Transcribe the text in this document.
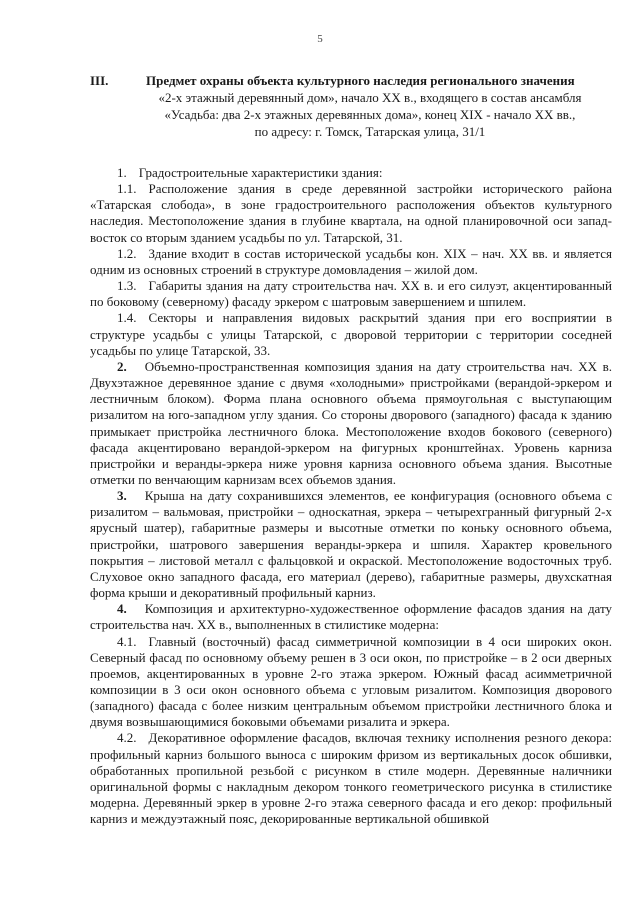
5
III.	Предмет охраны объекта культурного наследия регионального значения
«2-х этажный деревянный дом», начало XX в., входящего в состав ансамбля
«Усадьба: два 2-х этажных деревянных дома», конец XIX - начало XX вв.,
по адресу: г. Томск, Татарская улица, 31/1

1. Градостроительные характеристики здания:

1.1. Расположение здания в среде деревянной застройки исторического района «Татарская слобода», в зоне градостроительного расположения объектов культурного наследия. Местоположение здания в глубине квартала, на одной планировочной оси запад-восток со вторым зданием усадьбы по ул. Татарской, 31.

1.2. Здание входит в состав исторической усадьбы кон. XIX – нач. XX вв. и является одним из основных строений в структуре домовладения – жилой дом.

1.3. Габариты здания на дату строительства нач. XX в. и его силуэт, акцентированный по боковому (северному) фасаду эркером с шатровым завершением и шпилем.

1.4. Секторы и направления видовых раскрытий здания при его восприятии в структуре усадьбы с улицы Татарской, с дворовой территории с территории соседней усадьбы по улице Татарской, 33.

2. Объемно-пространственная композиция здания на дату строительства нач. XX в. Двухэтажное деревянное здание с двумя «холодными» пристройками (верандой-эркером и лестничным блоком). Форма плана основного объема прямоугольная с выступающим ризалитом на юго-западном углу здания. Со стороны дворового (западного) фасада к зданию примыкает пристройка лестничного блока. Местоположение входов бокового (северного) фасада акцентировано верандой-эркером на фигурных кронштейнах. Уровень карниза пристройки и веранды-эркера ниже уровня карниза основного объема здания. Высотные отметки по венчающим карнизам всех объемов здания.

3. Крыша на дату сохранившихся элементов, ее конфигурация (основного объема с ризалитом – вальмовая, пристройки – односкатная, эркера – четырехгранный фигурный 2-х ярусный шатер), габаритные размеры и высотные отметки по коньку основного объема, пристройки, шатрового завершения веранды-эркера и шпиля. Характер кровельного покрытия – листовой металл с фальцовкой и окраской. Местоположение водосточных труб. Слуховое окно западного фасада, его материал (дерево), габаритные размеры, двухскатная форма крыши и декоративный профильный карниз.

4. Композиция и архитектурно-художественное оформление фасадов здания на дату строительства нач. XX в., выполненных в стилистике модерна:

4.1. Главный (восточный) фасад симметричной композиции в 4 оси широких окон. Северный фасад по основному объему решен в 3 оси окон, по пристройке – в 2 оси дверных проемов, акцентированных в уровне 2-го этажа эркером. Южный фасад асимметричной композиции в 3 оси окон основного объема с угловым ризалитом. Композиция дворового (западного) фасада с более низким центральным объемом пристройки лестничного блока и двумя возвышающимися боковыми объемами ризалита и эркера.

4.2. Декоративное оформление фасадов, включая технику исполнения резного декора: профильный карниз большого выноса с широким фризом из вертикальных досок обшивки, обработанных пропильной резьбой с рисунком в стиле модерн. Деревянные наличники оригинальной формы с накладным декором тонкого геометрического рисунка в стилистике модерна. Деревянный эркер в уровне 2-го этажа северного фасада и его декор: профильный карниз и междуэтажный пояс, декорированные вертикальной обшивкой
